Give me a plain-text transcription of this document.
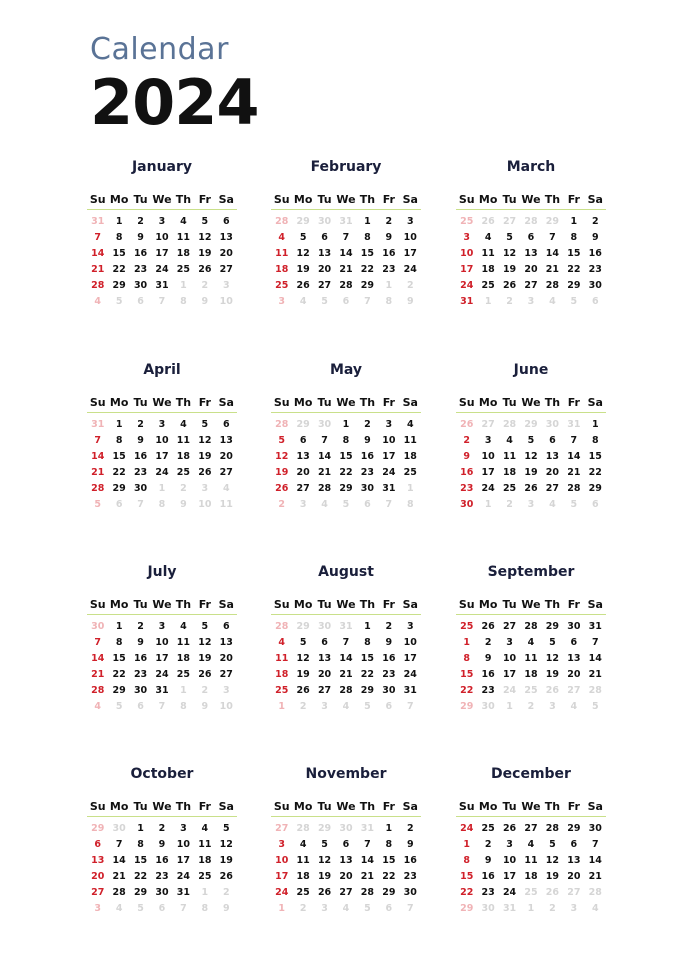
Calendar
2024
January
Su Mo Tu We Th Fr Sa
31	1	2	3	4	5	6
7	8	9	10 11 12 13
14 15 16 17 18 19 20
21 22 23 24 25 26 27
28 29 30 31	1	2	3
4	5	6	7	8	9	10
February
Su Mo Tu We Th Fr Sa
28 29 30 31	1	2	3
4	5	6	7	8	9	10
11 12 13 14 15 16 17
18 19 20 21 22 23 24
25 26 27 28 29	1	2
3	4	5	6	7	8	9
March
Su Mo Tu We Th Fr Sa
25 26 27 28 29	1	2
3	4	5	6	7	8	9
10 11 12 13 14 15 16
17 18 19 20 21 22 23
24 25 26 27 28 29 30
31	1	2	3	4	5	6
April
Su Mo Tu We Th Fr Sa
31	1	2	3	4	5	6
7	8	9	10 11 12 13
14 15 16 17 18 19 20
21 22 23 24 25 26 27
28 29 30	1	2	3	4
5	6	7	8	9	10 11
May
Su Mo Tu We Th Fr Sa
28 29 30	1	2	3	4
5	6	7	8	9	10 11
12 13 14 15 16 17 18
19 20 21 22 23 24 25
26 27 28 29 30 31	1
2	3	4	5	6	7	8
June
Su Mo Tu We Th Fr Sa
26 27 28 29 30 31	1
2	3	4	5	6	7	8
9	10 11 12 13 14 15
16 17 18 19 20 21 22
23 24 25 26 27 28 29
30	1	2	3	4	5	6
July
Su Mo Tu We Th Fr Sa
30	1	2	3	4	5	6
7	8	9	10 11 12 13
14 15 16 17 18 19 20
21 22 23 24 25 26 27
28 29 30 31	1	2	3
4	5	6	7	8	9	10
August
Su Mo Tu We Th Fr Sa
28 29 30 31	1	2	3
4	5	6	7	8	9	10
11 12 13 14 15 16 17
18 19 20 21 22 23 24
25 26 27 28 29 30 31
1	2	3	4	5	6	7
September
Su Mo Tu We Th Fr Sa
25 26 27 28 29 30 31
1	2	3	4	5	6	7
8	9	10 11 12 13 14
15 16 17 18 19 20 21
22 23 24 25 26 27 28
29 30	1	2	3	4	5
October
Su Mo Tu We Th Fr Sa
29 30	1	2	3	4	5
6	7	8	9	10 11 12
13 14 15 16 17 18 19
20 21 22 23 24 25 26
27 28 29 30 31	1	2
3	4	5	6	7	8	9
November
Su Mo Tu We Th Fr Sa
27 28 29 30 31	1	2
3	4	5	6	7	8	9
10 11 12 13 14 15 16
17 18 19 20 21 22 23
24 25 26 27 28 29 30
1	2	3	4	5	6	7
December
Su Mo Tu We Th Fr Sa
24 25 26 27 28 29 30
1	2	3	4	5	6	7
8	9	10 11 12 13 14
15 16 17 18 19 20 21
22 23 24 25 26 27 28
29 30 31	1	2	3	4
